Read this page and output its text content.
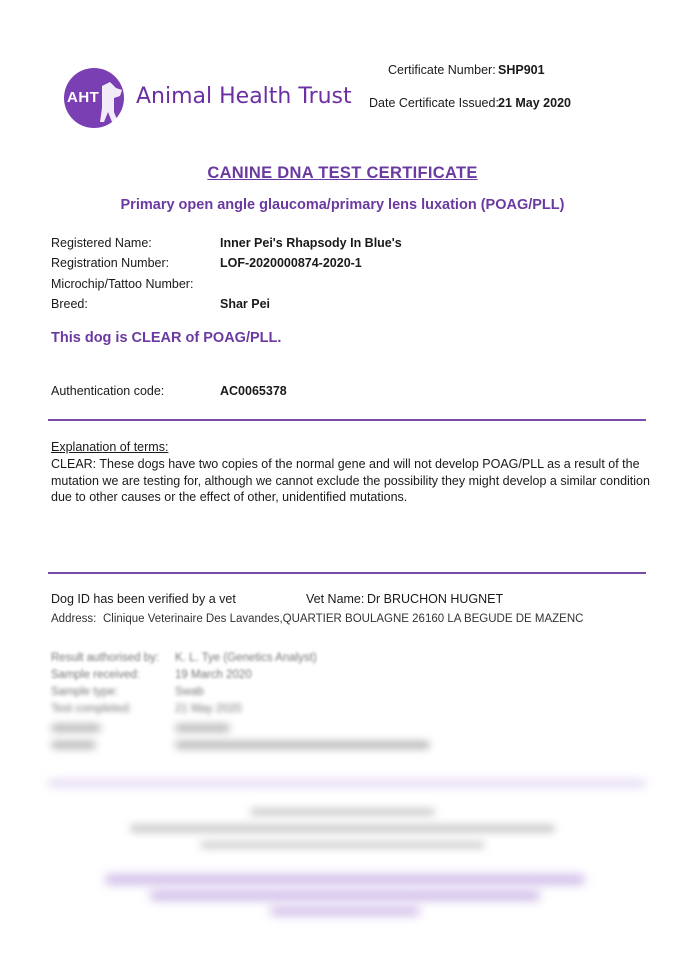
AHT Animal Health Trust
Certificate Number: SHP901
Date Certificate Issued: 21 May 2020
CANINE DNA TEST CERTIFICATE
Primary open angle glaucoma/primary lens luxation (POAG/PLL)
Registered Name:	Inner Pei's Rhapsody In Blue's
Registration Number:	LOF-2020000874-2020-1
Microchip/Tattoo Number:
Breed:	Shar Pei
This dog is CLEAR of POAG/PLL.
Authentication code:	AC0065378
Explanation of terms:
CLEAR: These dogs have two copies of the normal gene and will not develop POAG/PLL as a result of the mutation we are testing for, although we cannot exclude the possibility they might develop a similar condition due to other causes or the effect of other, unidentified mutations.
Dog ID has been verified by a vet	Vet Name: Dr BRUCHON HUGNET
Address: Clinique Veterinaire Des Lavandes,QUARTIER BOULAGNE 26160 LA BEGUDE DE MAZENC
Result authorised by: K. L. Tye (Genetics Analyst)
Sample received:	19 March 2020
Sample type:	Swab
Test completed:	21 May 2020
